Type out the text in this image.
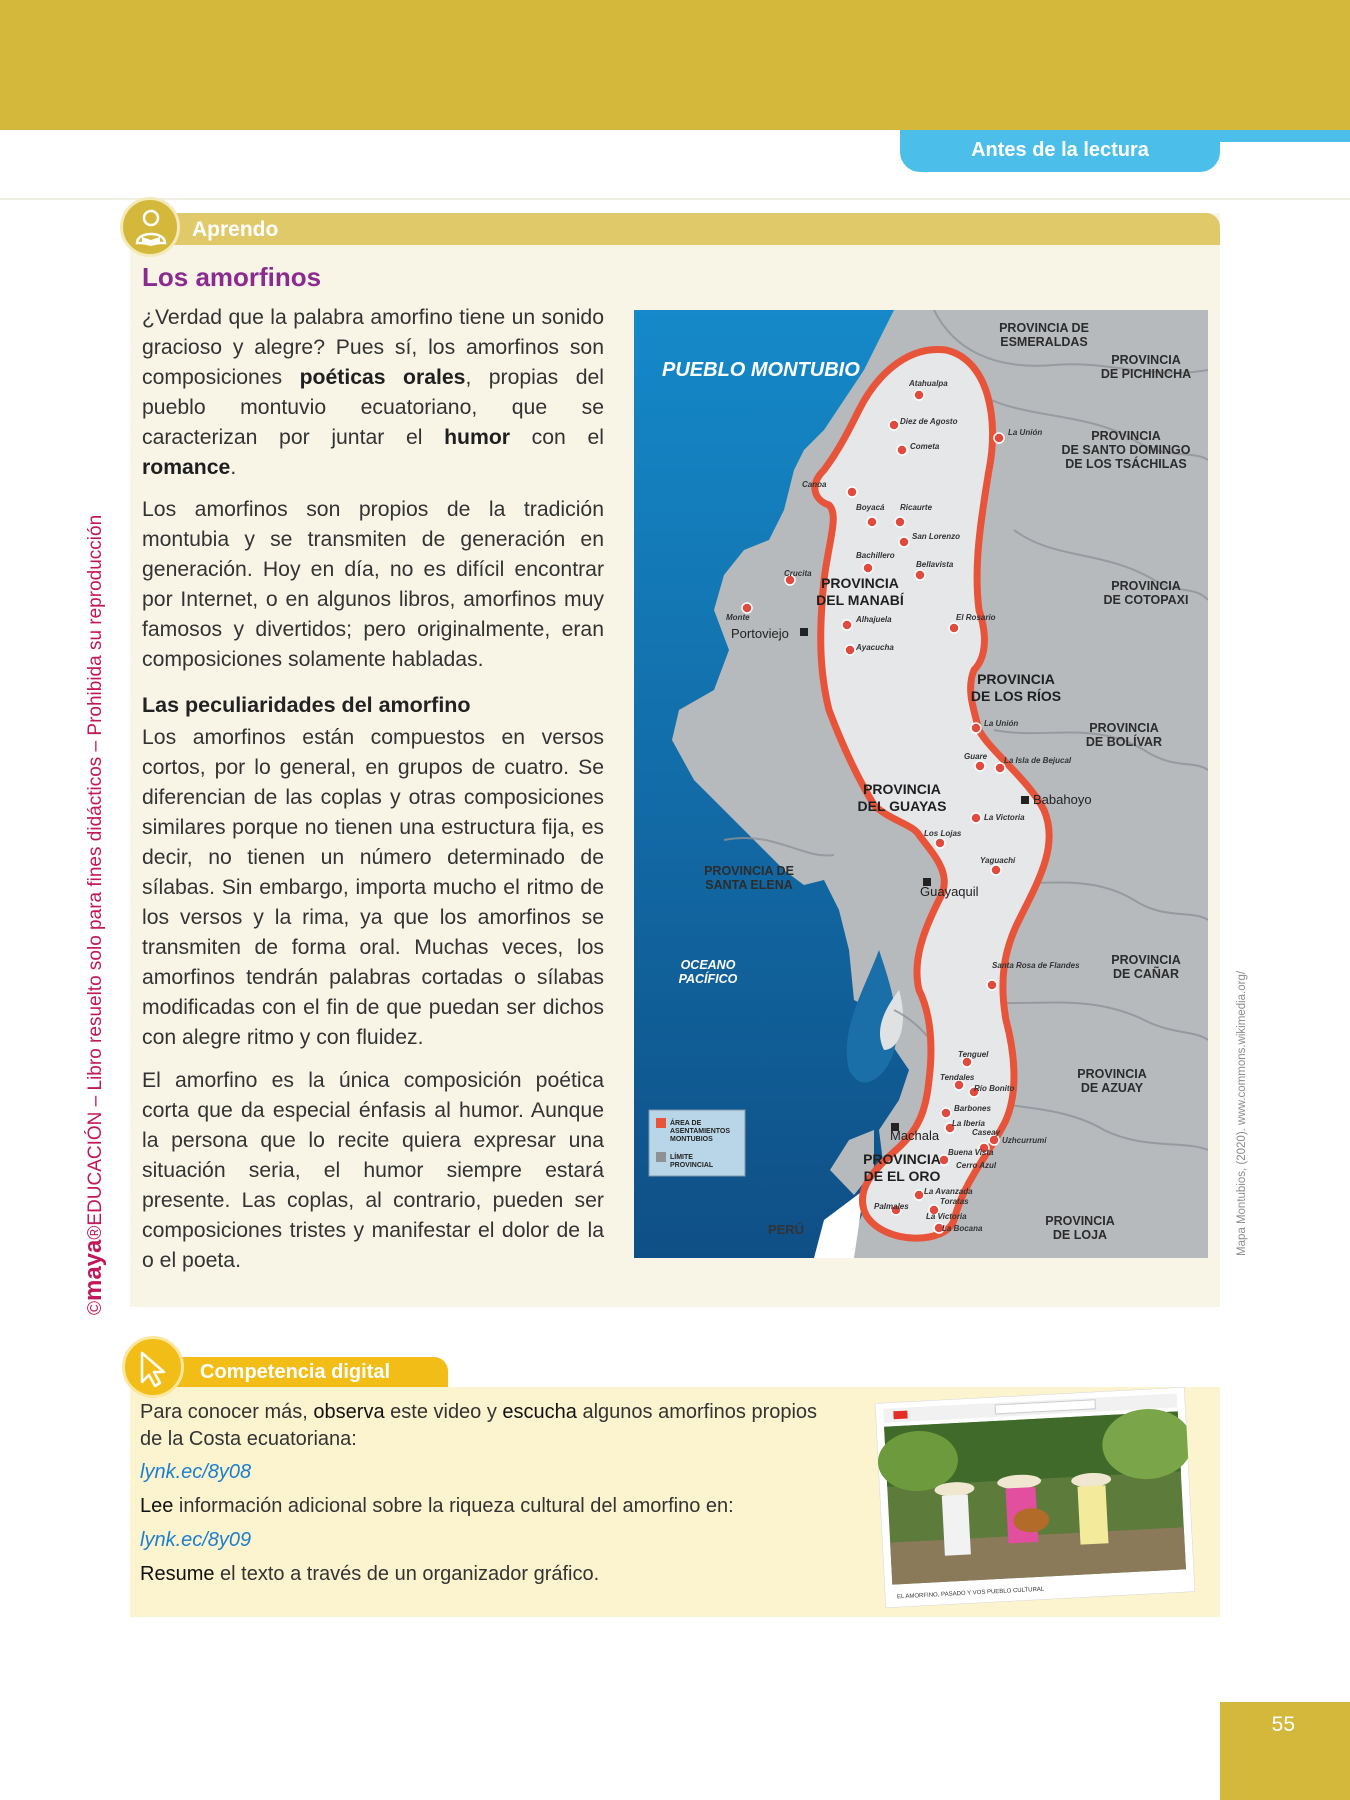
Antes de la lectura
Aprendo
Los amorfinos
¿Verdad que la palabra amorfino tiene un sonido gracioso y alegre? Pues sí, los amorfinos son composiciones poéticas orales, propias del pueblo montuvio ecuatoriano, que se caracterizan por juntar el humor con el romance.
Los amorfinos son propios de la tradición montubia y se transmiten de generación en generación. Hoy en día, no es difícil encontrar por Internet, o en algunos libros, amorfinos muy famosos y divertidos; pero originalmente, eran composiciones solamente habladas.
Las peculiaridades del amorfino
Los amorfinos están compuestos en versos cortos, por lo general, en grupos de cuatro. Se diferencian de las coplas y otras composiciones similares porque no tienen una estructura fija, es decir, no tienen un número determinado de sílabas. Sin embargo, importa mucho el ritmo de los versos y la rima, ya que los amorfinos se transmiten de forma oral. Muchas veces, los amorfinos tendrán palabras cortadas o sílabas modificadas con el fin de que puedan ser dichos con alegre ritmo y con fluidez.
El amorfino es la única composición poética corta que da especial énfasis al humor. Aunque la persona que lo recite quiera expresar una situación seria, el humor siempre estará presente. Las coplas, al contrario, pueden ser composiciones tristes y manifestar el dolor de la o el poeta.
PUEBLO MONTUBIO
PROVINCIA DE
ESMERALDAS
PROVINCIA
DE PICHINCHA
PROVINCIA
DE SANTO DOMINGO
DE LOS TSÁCHILAS
PROVINCIA
DE COTOPAXI
PROVINCIA
DE BOLÍVAR
PROVINCIA DE
SANTA ELENA
PROVINCIA
DE CAÑAR
PROVINCIA
DE AZUAY
PROVINCIA
DE LOJA
PROVINCIA
DEL MANABÍ
PROVINCIA
DE LOS RÍOS
PROVINCIA
DEL GUAYAS
PROVINCIA
DE EL ORO
OCEANO
PACÍFICO
PERÚ
Portoviejo
Babahoyo
Guayaquil
Machala
Atahualpa
Diez de Agosto
Cometa
La Unión
Canoa
Boyacá Ricaurte
San Lorenzo
Bachillero
Bellavista
Crucita
Monte	Alhajuela	El Rosario
Ayacucha
La Unión
Guare La Isla de Bejucal
La Victoria
Los Lojas
Yaguachi
Santa Rosa de Flandes
Tenguel
Tendales
Río Bonito
Barbones
La Iberia
Caseay
Uzhcurrumi
Buena Vista
Cerro Azul
La Avanzada
Palmales
Toratas
La Victoria
La Bocana
ÁREA DE
ASENTAMIENTOS
MONTUBIOS
LÍMITE
PROVINCIAL
©maya®EDUCACIÓN – Libro resuelto solo para fines didácticos – Prohibida su reproducción	Mapa Montubios, (2020). www.commons.wikimedia.org/
Competencia digital
Para conocer más, observa este video y escucha algunos amorfinos propios de la Costa ecuatoriana:
lynk.ec/8y08
Lee información adicional sobre la riqueza cultural del amorfino en:
lynk.ec/8y09
Resume el texto a través de un organizador gráfico.
EL AMORFINO, PASADO Y VOS PUEBLO CULTURAL
55
